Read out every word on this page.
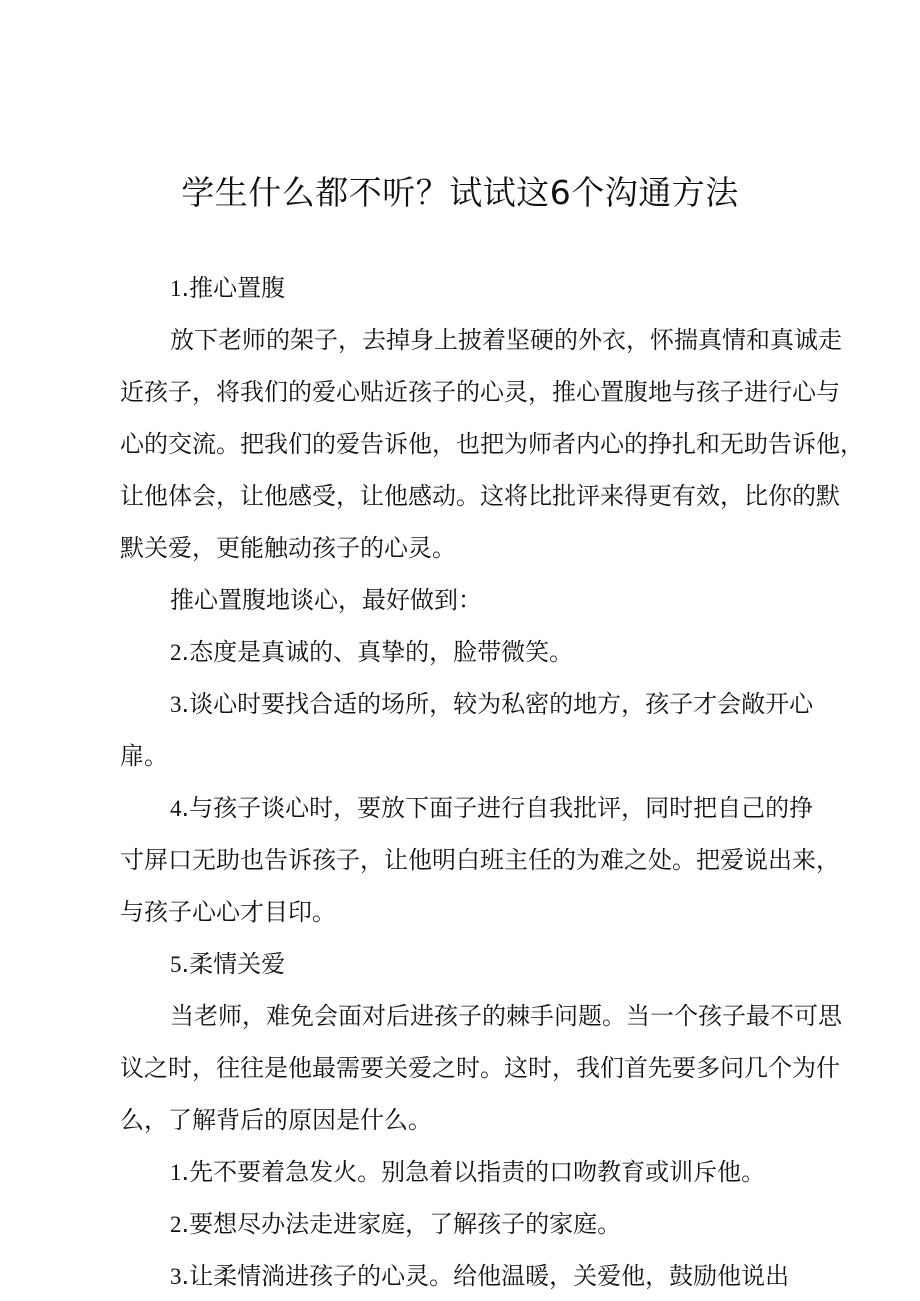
学生什么都不听？试试这6个沟通方法

1.推心置腹

放下老师的架子，去掉身上披着坚硬的外衣，怀揣真情和真诚走

近孩子，将我们的爱心贴近孩子的心灵，推心置腹地与孩子进行心与

心的交流。把我们的爱告诉他，也把为师者内心的挣扎和无助告诉他，

让他体会，让他感受，让他感动。这将比批评来得更有效，比你的默

默关爱，更能触动孩子的心灵。

推心置腹地谈心，最好做到：

2.态度是真诚的、真挚的，脸带微笑。

3.谈心时要找合适的场所，较为私密的地方，孩子才会敞开心

扉。

4.与孩子谈心时，要放下面子进行自我批评，同时把自己的挣

寸屏口无助也告诉孩子，让他明白班主任的为难之处。把爱说出来，

与孩子心心才目印。

5.柔情关爱

当老师，难免会面对后进孩子的棘手问题。当一个孩子最不可思

议之时，往往是他最需要关爱之时。这时，我们首先要多问几个为什

么，了解背后的原因是什么。

1.先不要着急发火。别急着以指责的口吻教育或训斥他。

2.要想尽办法走进家庭，了解孩子的家庭。

3.让柔情淌进孩子的心灵。给他温暖，关爱他，鼓励他说出
